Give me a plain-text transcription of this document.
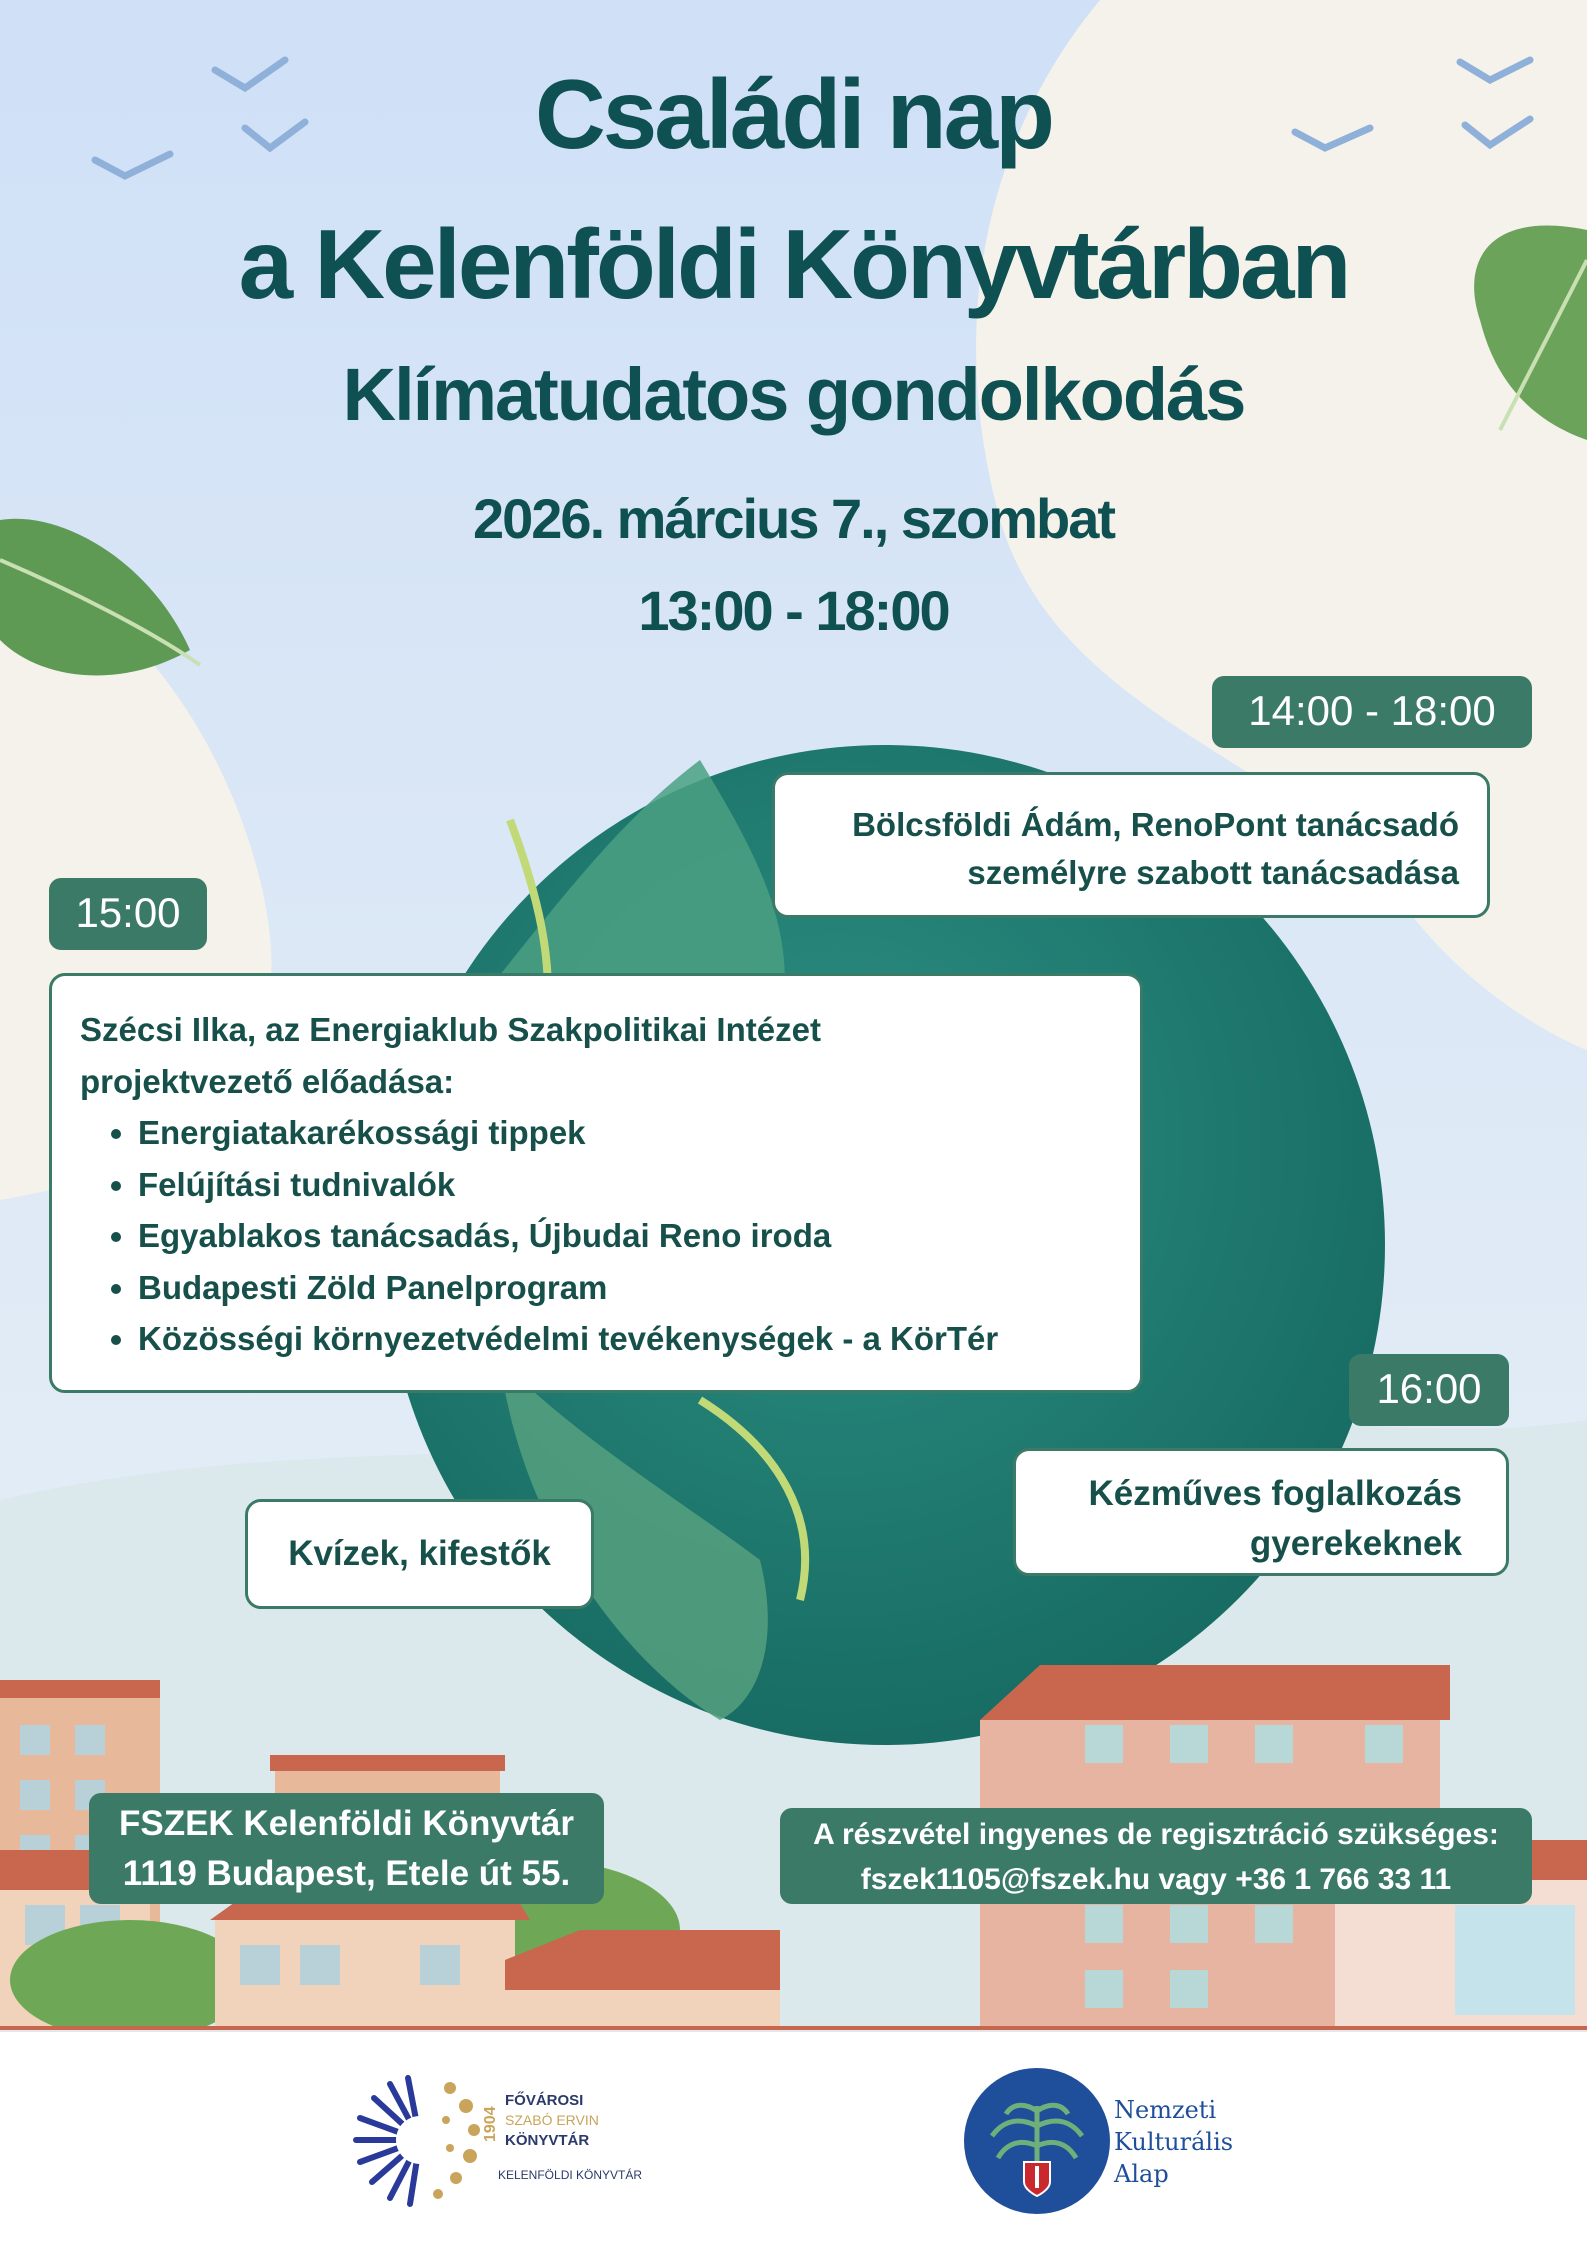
Családi nap
a Kelenföldi Könyvtárban
Klímatudatos gondolkodás
2026. március 7., szombat
13:00 - 18:00
14:00 - 18:00

Bölcsföldi Ádám, RenoPont tanácsadó

személyre szabott tanácsadása

15:00

Szécsi Ilka, az Energiaklub Szakpolitikai Intézet

projektvezető előadása:

• Energiatakarékossági tippek
• Felújítási tudnivalók
• Egyablakos tanácsadás, Újbudai Reno iroda
• Budapesti Zöld Panelprogram
• Közösségi környezetvédelmi tevékenységek - a KörTér
16:00

Kézműves foglalkozás

gyerekeknek

Kvízek, kifestők
FSZEK Kelenföldi Könyvtár
1119 Budapest, Etele út 55.
A részvétel ingyenes de regisztráció szükséges:
fszek1105@fszek.hu vagy +36 1 766 33 11
1904
FŐVÁROSI
SZABÓ ERVIN
KÖNYVTÁR
KELENFÖLDI KÖNYVTÁR
Nemzeti
Kulturális
Alap
